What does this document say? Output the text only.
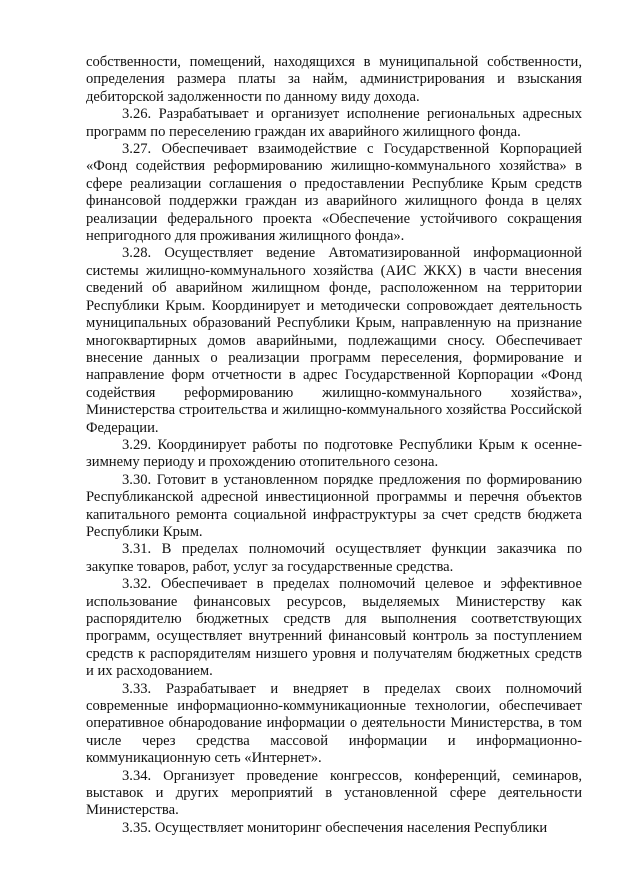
собственности, помещений, находящихся в муниципальной собственности, определения размера платы за найм, администрирования и взыскания дебиторской задолженности по данному виду дохода.

3.26. Разрабатывает и организует исполнение региональных адресных программ по переселению граждан их аварийного жилищного фонда.

3.27. Обеспечивает взаимодействие с Государственной Корпорацией «Фонд содействия реформированию жилищно-коммунального хозяйства» в сфере реализации соглашения о предоставлении Республике Крым средств финансовой поддержки граждан из аварийного жилищного фонда в целях реализации федерального проекта «Обеспечение устойчивого сокращения непригодного для проживания жилищного фонда».

3.28. Осуществляет ведение Автоматизированной информационной системы жилищно-коммунального хозяйства (АИС ЖКХ) в части внесения сведений об аварийном жилищном фонде, расположенном на территории Республики Крым. Координирует и методически сопровождает деятельность муниципальных образований Республики Крым, направленную на признание многоквартирных домов аварийными, подлежащими сносу. Обеспечивает внесение данных о реализации программ переселения, формирование и направление форм отчетности в адрес Государственной Корпорации «Фонд содействия реформированию жилищно-коммунального хозяйства», Министерства строительства и жилищно-коммунального хозяйства Российской Федерации.

3.29. Координирует работы по подготовке Республики Крым к осенне-зимнему периоду и прохождению отопительного сезона.

3.30. Готовит в установленном порядке предложения по формированию Республиканской адресной инвестиционной программы и перечня объектов капитального ремонта социальной инфраструктуры за счет средств бюджета Республики Крым.

3.31. В пределах полномочий осуществляет функции заказчика по закупке товаров, работ, услуг за государственные средства.

3.32. Обеспечивает в пределах полномочий целевое и эффективное использование финансовых ресурсов, выделяемых Министерству как распорядителю бюджетных средств для выполнения соответствующих программ, осуществляет внутренний финансовый контроль за поступлением средств к распорядителям низшего уровня и получателям бюджетных средств и их расходованием.

3.33. Разрабатывает и внедряет в пределах своих полномочий современные информационно-коммуникационные технологии, обеспечивает оперативное обнародование информации о деятельности Министерства, в том числе через средства массовой информации и информационно-коммуникационную сеть «Интернет».

3.34. Организует проведение конгрессов, конференций, семинаров, выставок и других мероприятий в установленной сфере деятельности Министерства.

3.35. Осуществляет мониторинг обеспечения населения Республики
